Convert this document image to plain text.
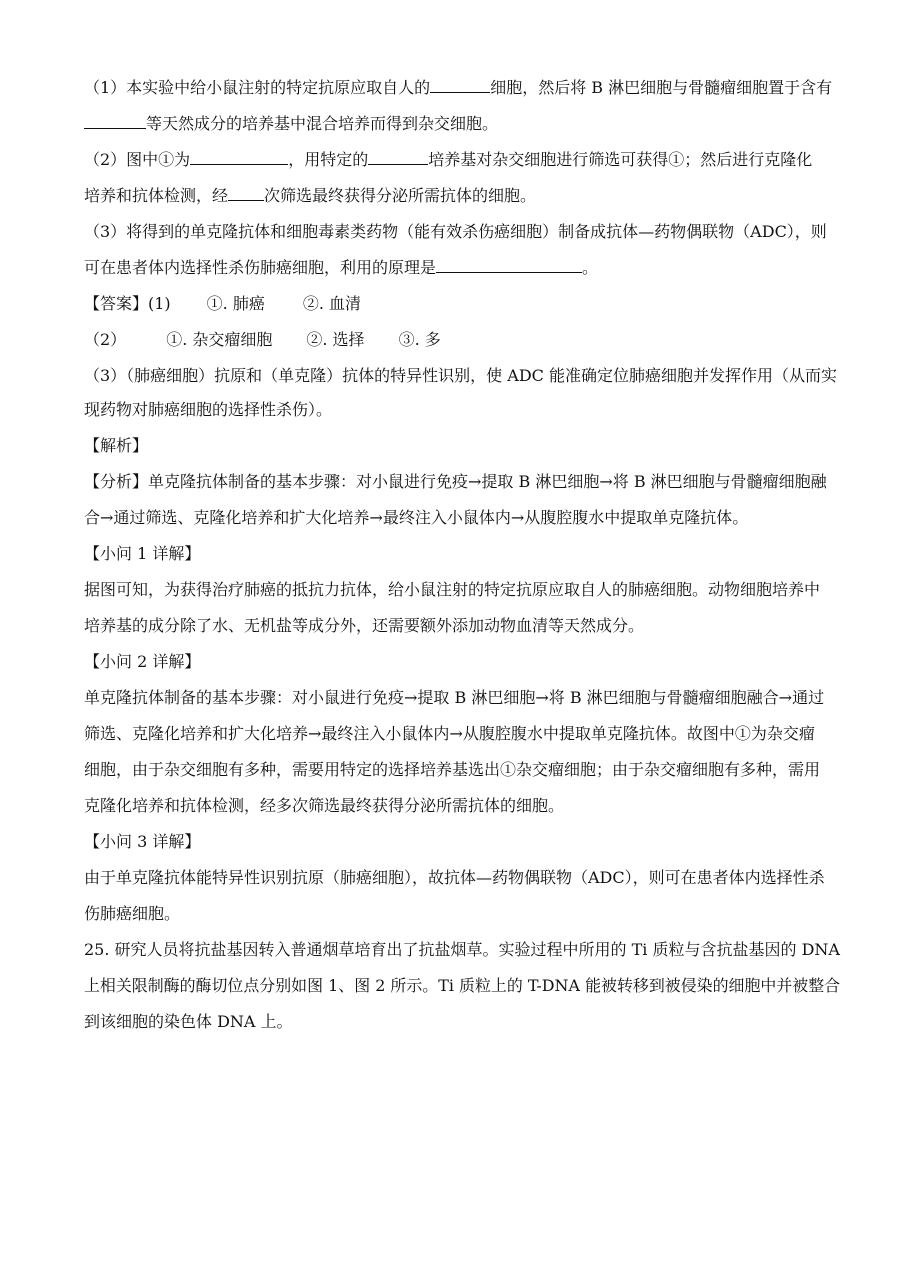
（1）本实验中给小鼠注射的特定抗原应取自人的	细胞，然后将 B 淋巴细胞与骨髓瘤细胞置于含有
等天然成分的培养基中混合培养而得到杂交细胞。
（2）图中①为	，用特定的	培养基对杂交细胞进行筛选可获得①；然后进行克隆化
培养和抗体检测，经 次筛选最终获得分泌所需抗体的细胞。
（3）将得到的单克隆抗体和细胞毒素类药物（能有效杀伤癌细胞）制备成抗体—药物偶联物（ADC），则
可在患者体内选择性杀伤肺癌细胞，利用的原理是	。
【答案】(1) ①. 肺癌 ②. 血清
（2）	①. 杂交瘤细胞 ②. 选择 ③. 多
（3）（肺癌细胞）抗原和（单克隆）抗体的特异性识别，使 ADC 能准确定位肺癌细胞并发挥作用（从而实
现药物对肺癌细胞的选择性杀伤）。
【解析】
【分析】单克隆抗体制备的基本步骤：对小鼠进行免疫→提取 B 淋巴细胞→将 B 淋巴细胞与骨髓瘤细胞融
合→通过筛选、克隆化培养和扩大化培养→最终注入小鼠体内→从腹腔腹水中提取单克隆抗体。
【小问 1 详解】
据图可知，为获得治疗肺癌的抵抗力抗体，给小鼠注射的特定抗原应取自人的肺癌细胞。动物细胞培养中
培养基的成分除了水、无机盐等成分外，还需要额外添加动物血清等天然成分。
【小问 2 详解】
单克隆抗体制备的基本步骤：对小鼠进行免疫→提取 B 淋巴细胞→将 B 淋巴细胞与骨髓瘤细胞融合→通过
筛选、克隆化培养和扩大化培养→最终注入小鼠体内→从腹腔腹水中提取单克隆抗体。故图中①为杂交瘤
细胞，由于杂交细胞有多种，需要用特定的选择培养基选出①杂交瘤细胞；由于杂交瘤细胞有多种，需用
克隆化培养和抗体检测，经多次筛选最终获得分泌所需抗体的细胞。
【小问 3 详解】
由于单克隆抗体能特异性识别抗原（肺癌细胞），故抗体—药物偶联物（ADC），则可在患者体内选择性杀
伤肺癌细胞。
25. 研究人员将抗盐基因转入普通烟草培育出了抗盐烟草。实验过程中所用的 Ti 质粒与含抗盐基因的 DNA
上相关限制酶的酶切位点分别如图 1、图 2 所示。Ti 质粒上的 T-DNA 能被转移到被侵染的细胞中并被整合
到该细胞的染色体 DNA 上。
